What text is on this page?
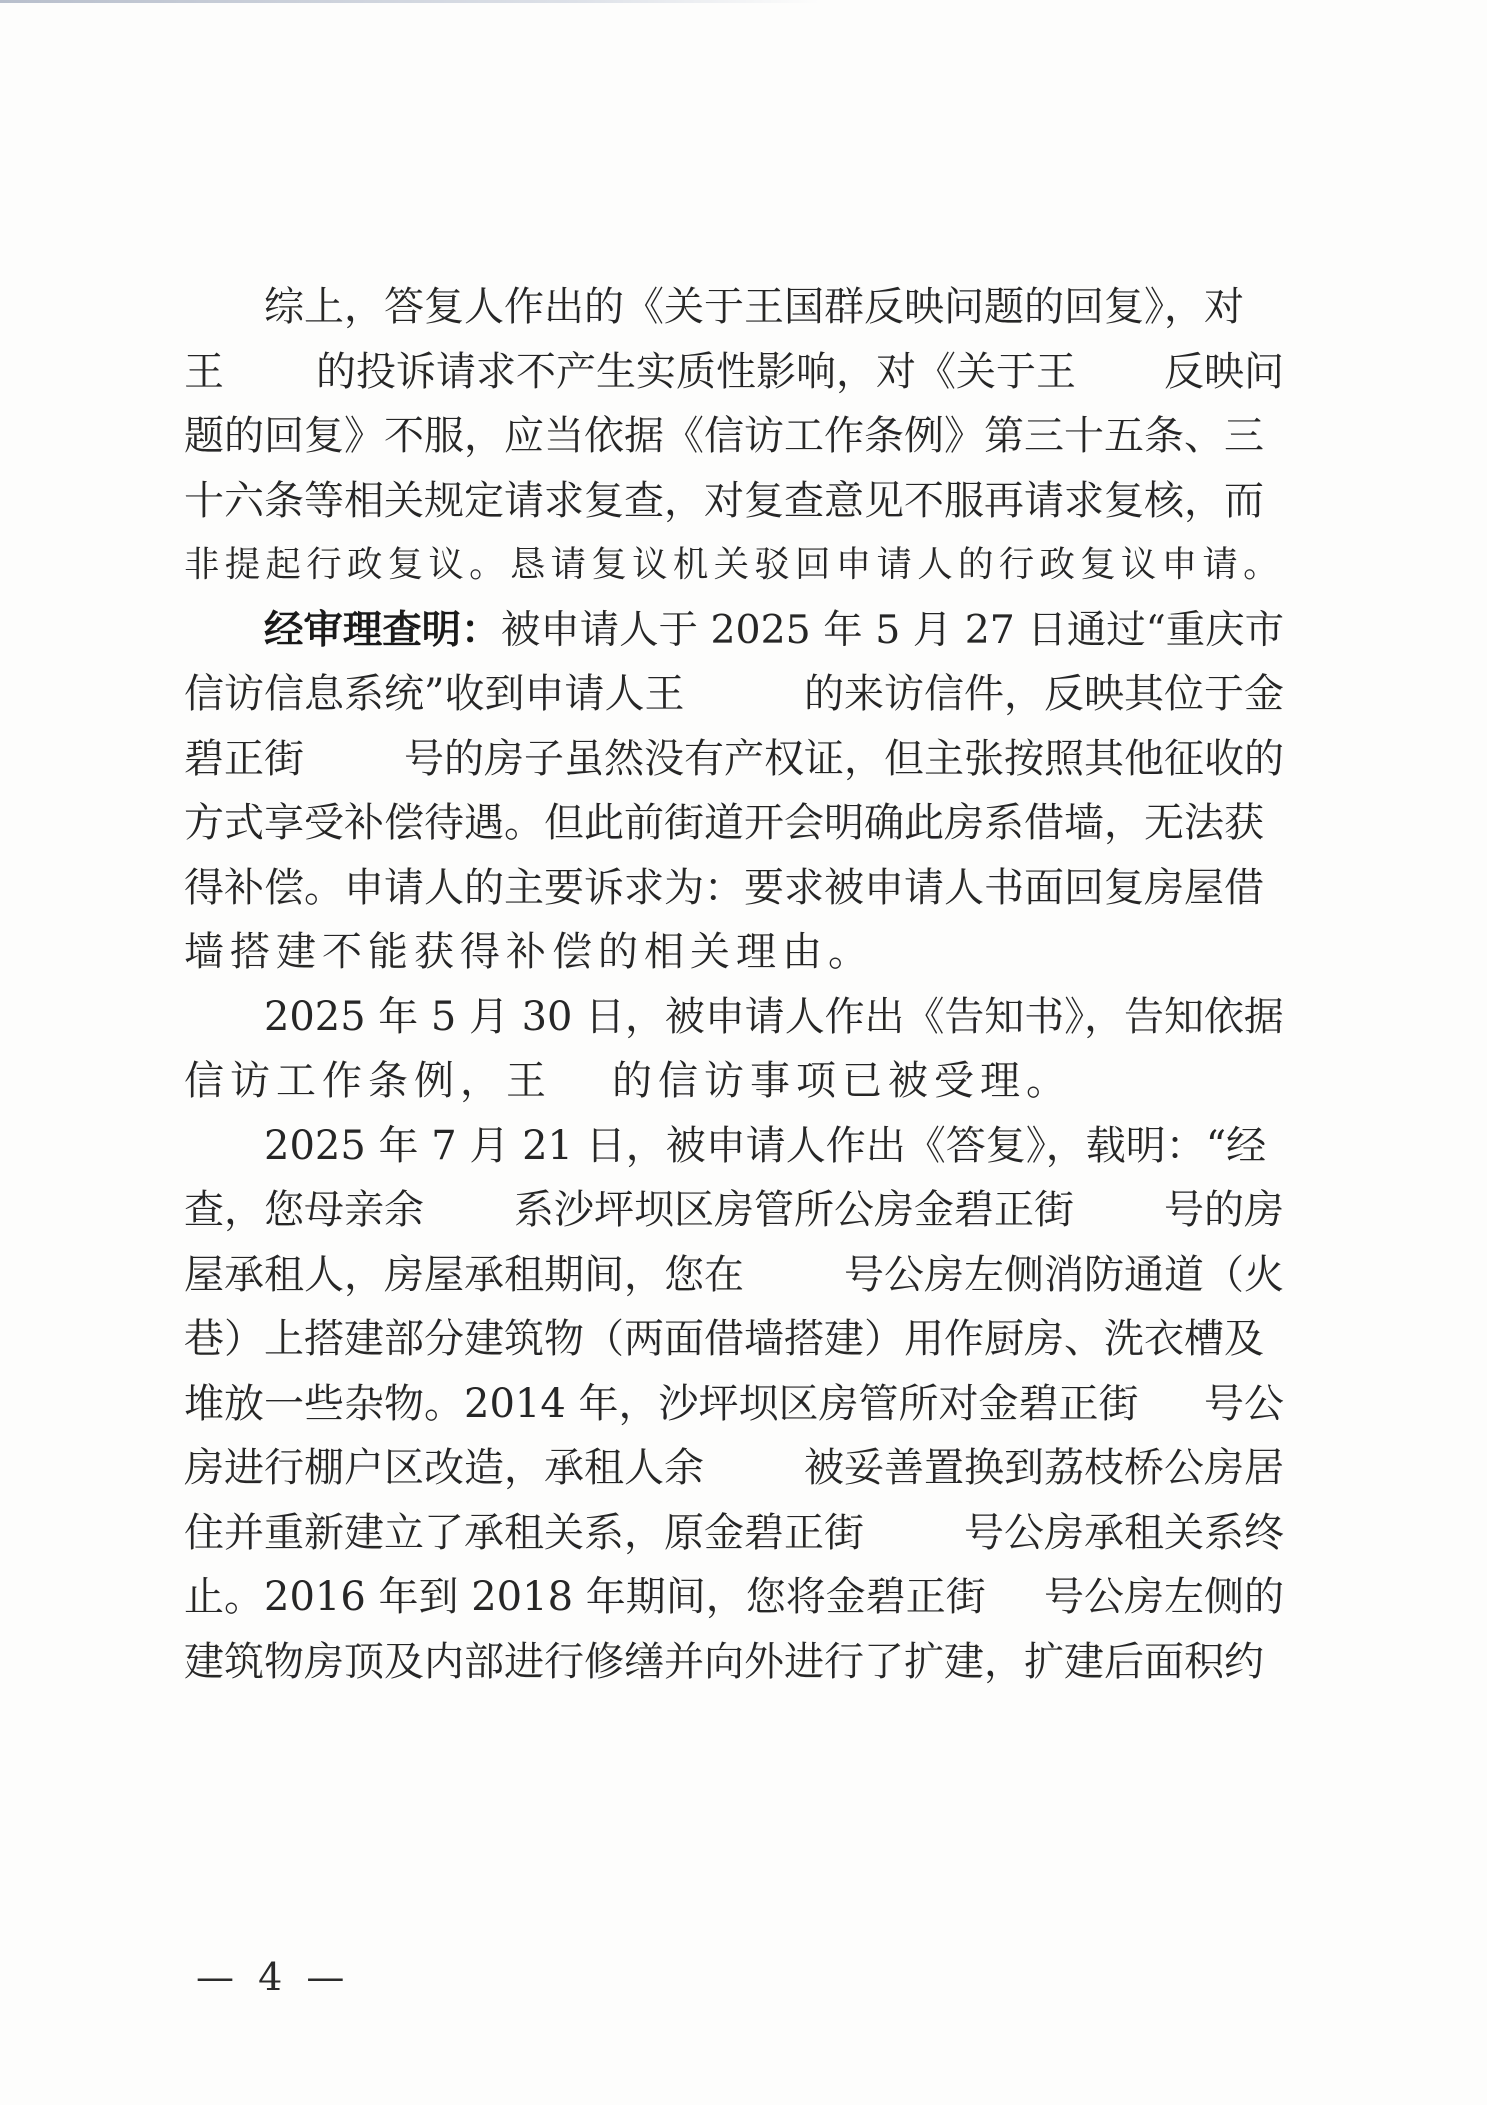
综上，答复人作出的《关于王国群反映问题的回复》，对
王 的投诉请求不产生实质性影响，对《关于王 反映问
题的回复》不服，应当依据《信访工作条例》第三十五条、三
十六条等相关规定请求复查，对复查意见不服再请求复核，而
非提起行政复议。恳请复议机关驳回申请人的行政复议申请。
经审理查明： 被申请人于 2025 年 5 月 27 日通过“重庆市
信访信息系统”收到申请人王	的来访信件，反映其位于金
碧正街	号的房子虽然没有产权证，但主张按照其他征收的
方式享受补偿待遇。但此前街道开会明确此房系借墙，无法获
得补偿。申请人的主要诉求为：要求被申请人书面回复房屋借
墙搭建不能获得补偿的相关理由。
2025 年 5 月 30 日，被申请人作出《告知书》，告知依据
信访工作条例，王 的信访事项已被受理。
2025 年 7 月 21 日，被申请人作出《答复》，载明：“经
查，您母亲余 系沙坪坝区房管所公房金碧正街 号的房
屋承租人，房屋承租期间，您在	号公房左侧消防通道（火
巷）上搭建部分建筑物（两面借墙搭建）用作厨房、洗衣槽及
堆放一些杂物。2014 年，沙坪坝区房管所对金碧正街 号公
房进行棚户区改造，承租人余	被妥善置换到荔枝桥公房居
住并重新建立了承租关系，原金碧正街	号公房承租关系终
止。2016 年到 2018 年期间，您将金碧正街 号公房左侧的
建筑物房顶及内部进行修缮并向外进行了扩建，扩建后面积约
— 4 —
